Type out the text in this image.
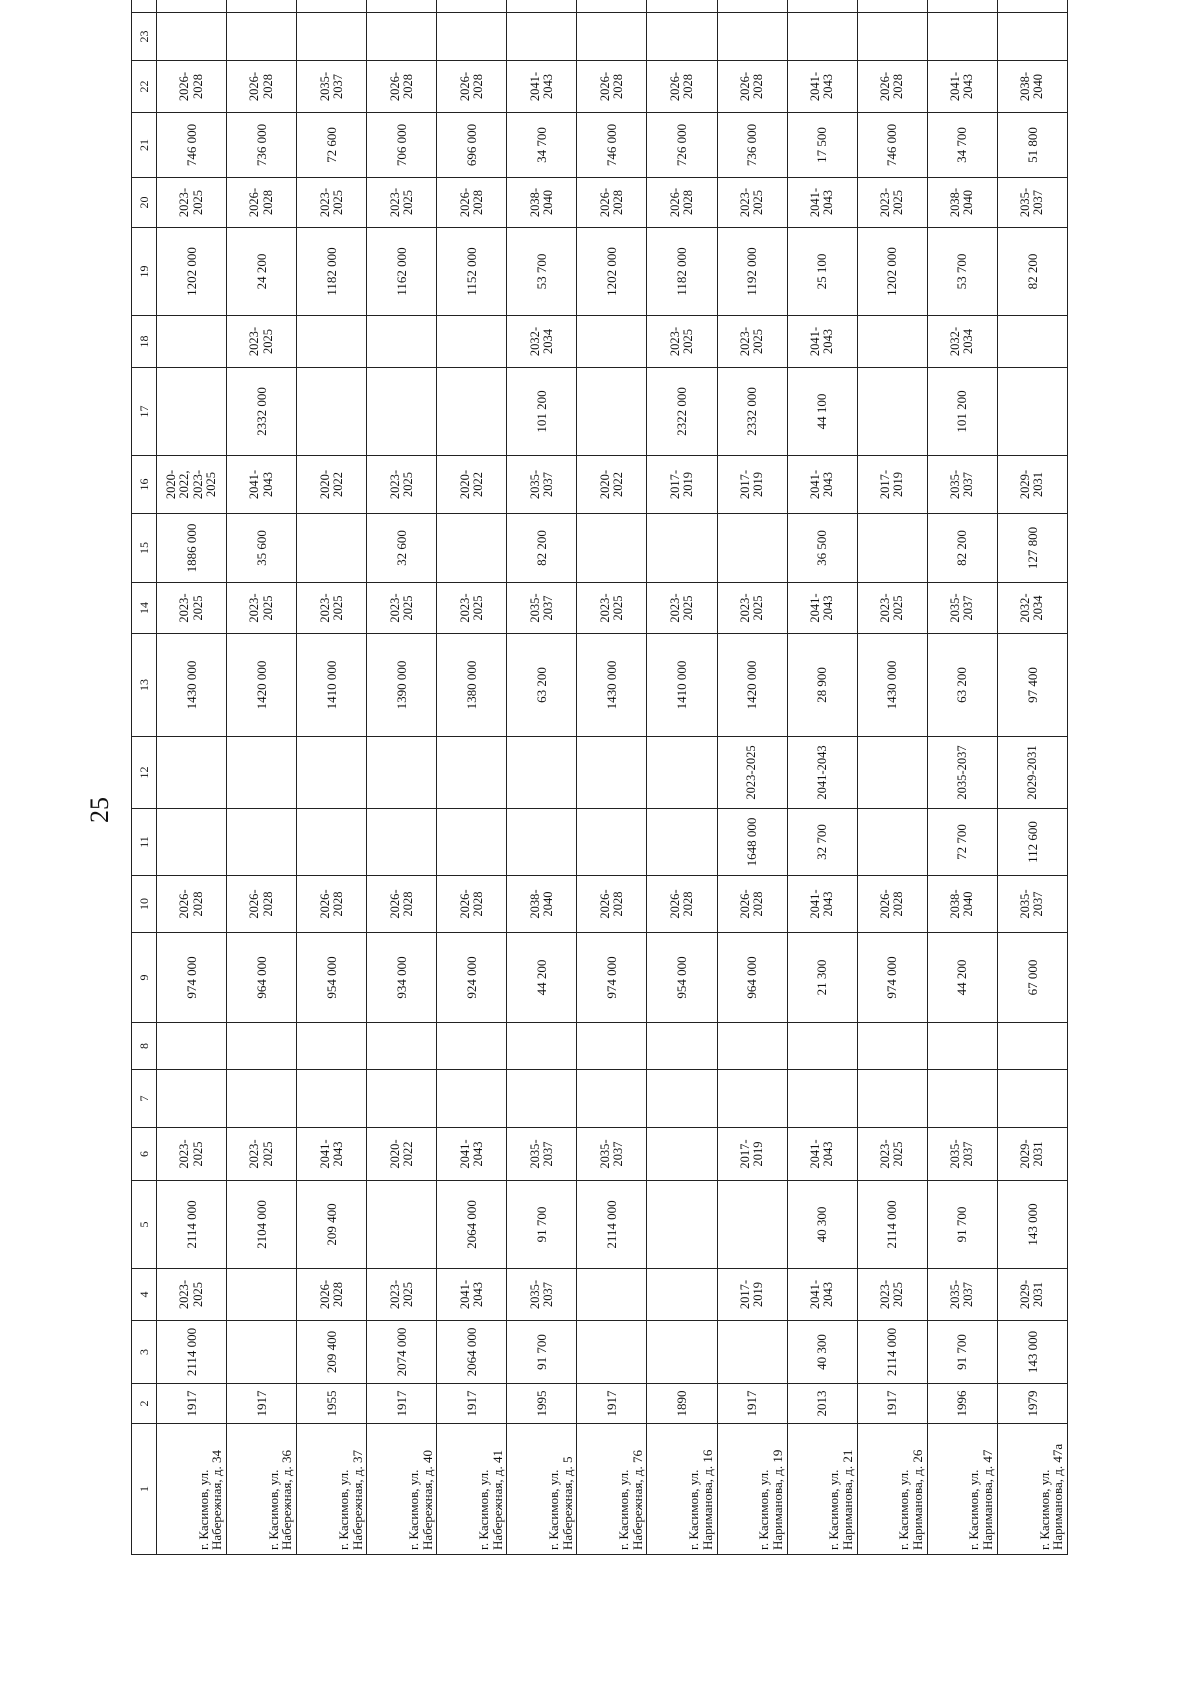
25
1	2	3	4	5	6	7	8	9	10	11	12	13	14	15	16	17	18	19	20	21	22	23	
г. Касимов, ул. Набережная, д. 34	1917	2114 000	2023-2025	2114 000	2023-2025			974 000	2026-2028			1430 000	2023-2025	1886 000	2020-2022, 2023-2025			1202 000	2023-2025	746 000	2026-2028		
г. Касимов, ул. Набережная, д. 36	1917			2104 000	2023-2025			964 000	2026-2028			1420 000	2023-2025	35 600	2041-2043	2332 000	2023-2025	24 200	2026-2028	736 000	2026-2028		
г. Касимов, ул. Набережная, д. 37	1955	209 400	2026-2028	209 400	2041-2043			954 000	2026-2028			1410 000	2023-2025		2020-2022			1182 000	2023-2025	72 600	2035-2037		
г. Касимов, ул. Набережная, д. 40	1917	2074 000	2023-2025		2020-2022			934 000	2026-2028			1390 000	2023-2025	32 600	2023-2025			1162 000	2023-2025	706 000	2026-2028		
г. Касимов, ул. Набережная, д. 41	1917	2064 000	2041-2043	2064 000	2041-2043			924 000	2026-2028			1380 000	2023-2025		2020-2022			1152 000	2026-2028	696 000	2026-2028		
г. Касимов, ул. Набережная, д. 5	1995	91 700	2035-2037	91 700	2035-2037			44 200	2038-2040			63 200	2035-2037	82 200	2035-2037	101 200	2032-2034	53 700	2038-2040	34 700	2041-2043		
г. Касимов, ул. Набережная, д. 76	1917			2114 000	2035-2037			974 000	2026-2028			1430 000	2023-2025		2020-2022			1202 000	2026-2028	746 000	2026-2028		
г. Касимов, ул. Нариманова, д. 16	1890							954 000	2026-2028			1410 000	2023-2025		2017-2019	2322 000	2023-2025	1182 000	2026-2028	726 000	2026-2028		
г. Касимов, ул. Нариманова, д. 19	1917		2017-2019		2017-2019			964 000	2026-2028	1648 000	2023-2025	1420 000	2023-2025		2017-2019	2332 000	2023-2025	1192 000	2023-2025	736 000	2026-2028		
г. Касимов, ул. Нариманова, д. 21	2013	40 300	2041-2043	40 300	2041-2043			21 300	2041-2043	32 700	2041-2043	28 900	2041-2043	36 500	2041-2043	44 100	2041-2043	25 100	2041-2043	17 500	2041-2043		
г. Касимов, ул. Нариманова, д. 26	1917	2114 000	2023-2025	2114 000	2023-2025			974 000	2026-2028			1430 000	2023-2025		2017-2019			1202 000	2023-2025	746 000	2026-2028		
г. Касимов, ул. Нариманова, д. 47	1996	91 700	2035-2037	91 700	2035-2037			44 200	2038-2040	72 700	2035-2037	63 200	2035-2037	82 200	2035-2037	101 200	2032-2034	53 700	2038-2040	34 700	2041-2043		
г. Касимов, ул. Нариманова, д. 47а	1979	143 000	2029-2031	143 000	2029-2031			67 000	2035-2037	112 600	2029-2031	97 400	2032-2034	127 800	2029-2031			82 200	2035-2037	51 800	2038-2040		
